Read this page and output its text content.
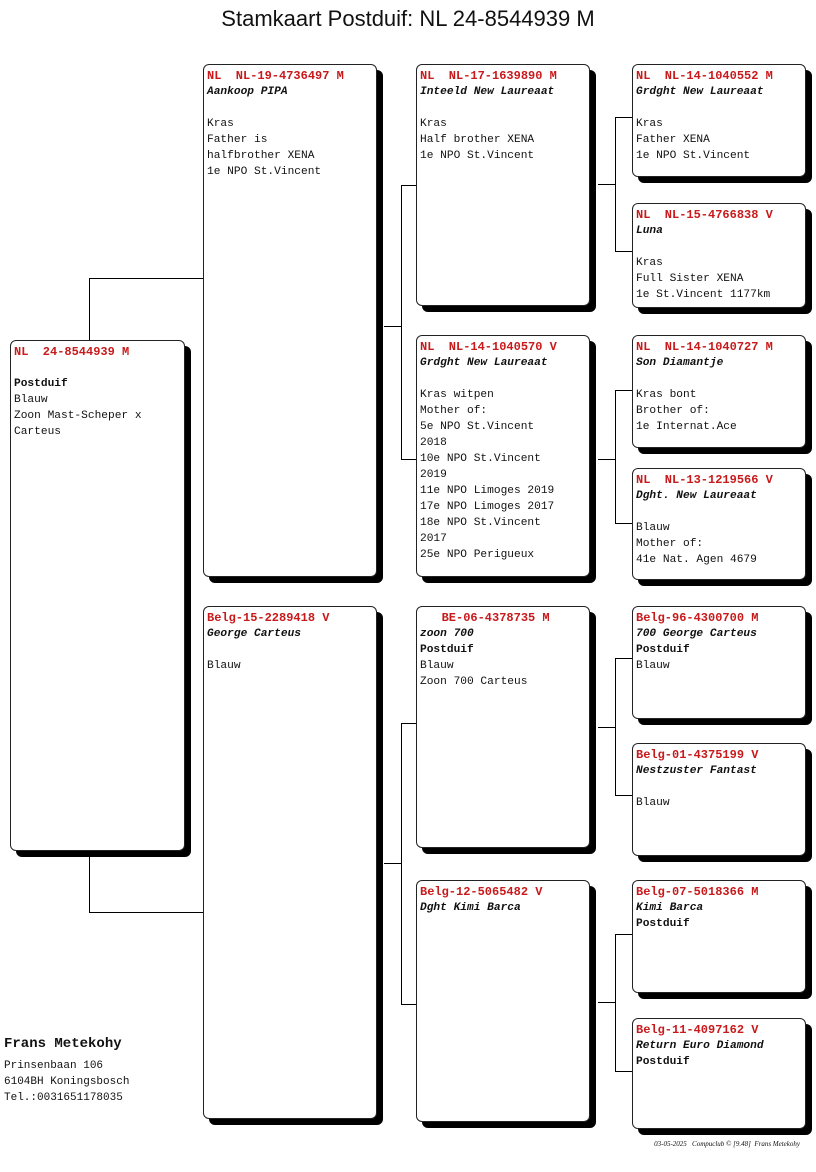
Stamkaart Postduif: NL 24-8544939 M
NL  24-8544939 M
Postduif
Blauw
Zoon Mast-Scheper x
Carteus
NL  NL-19-4736497 M
Aankoop PIPA
Kras
Father is
halfbrother XENA
1e NPO St.Vincent
Belg-15-2289418 V
George Carteus
Blauw
NL  NL-17-1639890 M
Inteeld New Laureaat
Kras
Half brother XENA
1e NPO St.Vincent
NL  NL-14-1040570 V
Grdght New Laureaat
Kras witpen
Mother of:
5e NPO St.Vincent
2018
10e NPO St.Vincent
2019
11e NPO Limoges 2019
17e NPO Limoges 2017
18e NPO St.Vincent
2017
25e NPO Perigueux
BE-06-4378735 M
zoon 700
Postduif
Blauw
Zoon 700 Carteus
Belg-12-5065482 V
Dght Kimi Barca
NL  NL-14-1040552 M
Grdght New Laureaat
Kras
Father XENA
1e NPO St.Vincent
NL  NL-15-4766838 V
Luna
Kras
Full Sister XENA
1e St.Vincent 1177km
NL  NL-14-1040727 M
Son Diamantje
Kras bont
Brother of:
1e Internat.Ace
NL  NL-13-1219566 V
Dght. New Laureaat
Blauw
Mother of:
41e Nat. Agen 4679
Belg-96-4300700 M
700 George Carteus
Postduif
Blauw
Belg-01-4375199 V
Nestzuster Fantast
Blauw
Belg-07-5018366 M
Kimi Barca
Postduif
Belg-11-4097162 V
Return Euro Diamond
Postduif
Frans Metekohy
Prinsenbaan 106
6104BH Koningsbosch
Tel.:0031651178035
03-05-2025   Compuclub © [9.48]  Frans Metekohy
